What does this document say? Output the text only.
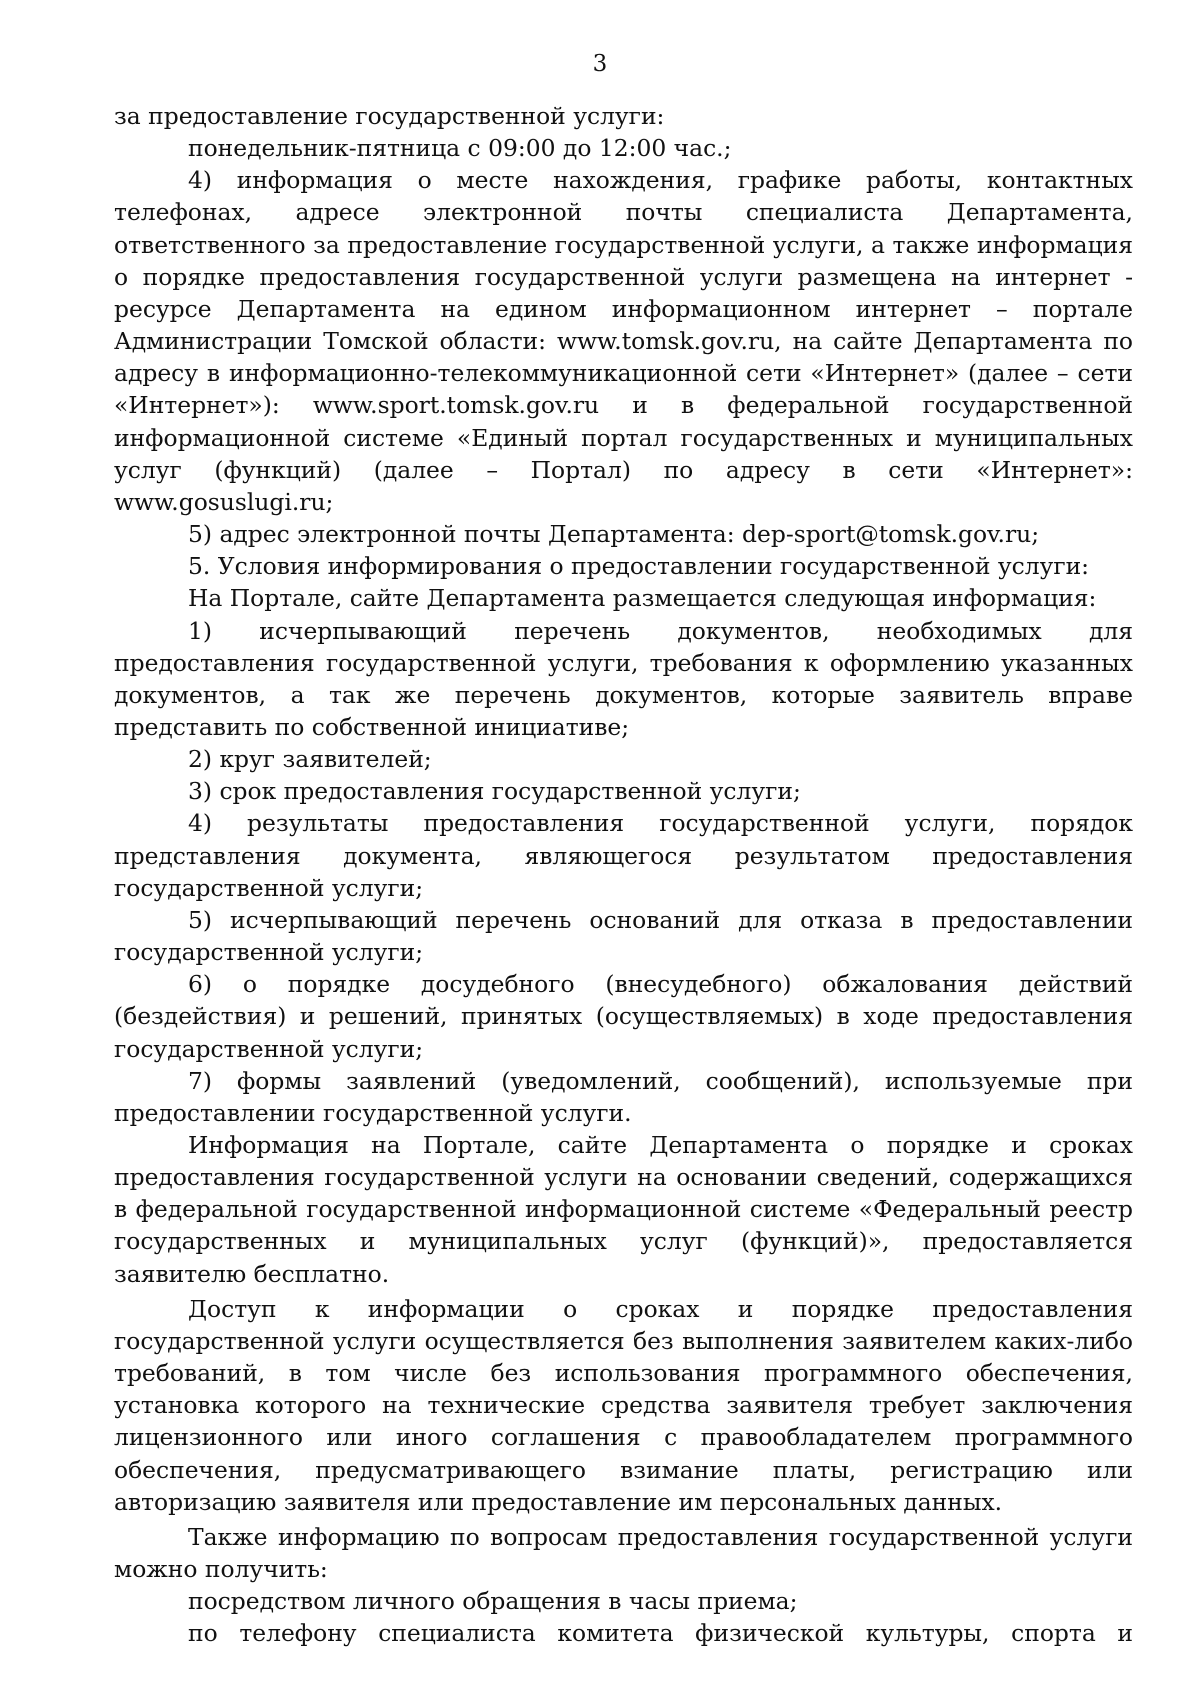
3

за предоставление государственной услуги:

понедельник-пятница с 09:00 до 12:00 час.;

4) информация о месте нахождения, графике работы, контактных телефонах, адресе электронной почты специалиста Департамента, ответственного за предоставление государственной услуги, а также информация о порядке предоставления государственной услуги размещена на интернет - ресурсе Департамента на едином информационном интернет – портале Администрации Томской области: www.tomsk.gov.ru, на сайте Департамента по адресу в информационно-телекоммуникационной сети «Интернет» (далее – сети «Интернет»): www.sport.tomsk.gov.ru и в федеральной государственной информационной системе «Единый портал государственных и муниципальных услуг (функций) (далее – Портал) по адресу в сети «Интернет»: www.gosuslugi.ru;

5) адрес электронной почты Департамента: dep-sport@tomsk.gov.ru;

5. Условия информирования о предоставлении государственной услуги:

На Портале, сайте Департамента размещается следующая информация:

1) исчерпывающий перечень документов, необходимых для предоставления государственной услуги, требования к оформлению указанных документов, а так же перечень документов, которые заявитель вправе представить по собственной инициативе;

2) круг заявителей;

3) срок предоставления государственной услуги;

4) результаты предоставления государственной услуги, порядок представления документа, являющегося результатом предоставления государственной услуги;

5) исчерпывающий перечень оснований для отказа в предоставлении государственной услуги;

6) о порядке досудебного (внесудебного) обжалования действий (бездействия) и решений, принятых (осуществляемых) в ходе предоставления государственной услуги;

7) формы заявлений (уведомлений, сообщений), используемые при предоставлении государственной услуги.

Информация на Портале, сайте Департамента о порядке и сроках предоставления государственной услуги на основании сведений, содержащихся в федеральной государственной информационной системе «Федеральный реестр государственных и муниципальных услуг (функций)», предоставляется заявителю бесплатно.

Доступ к информации о сроках и порядке предоставления государственной услуги осуществляется без выполнения заявителем каких-либо требований, в том числе без использования программного обеспечения, установка которого на технические средства заявителя требует заключения лицензионного или иного соглашения с правообладателем программного обеспечения, предусматривающего взимание платы, регистрацию или авторизацию заявителя или предоставление им персональных данных.

Также информацию по вопросам предоставления государственной услуги можно получить:

посредством личного обращения в часы приема;

по телефону специалиста комитета физической культуры, спорта и
